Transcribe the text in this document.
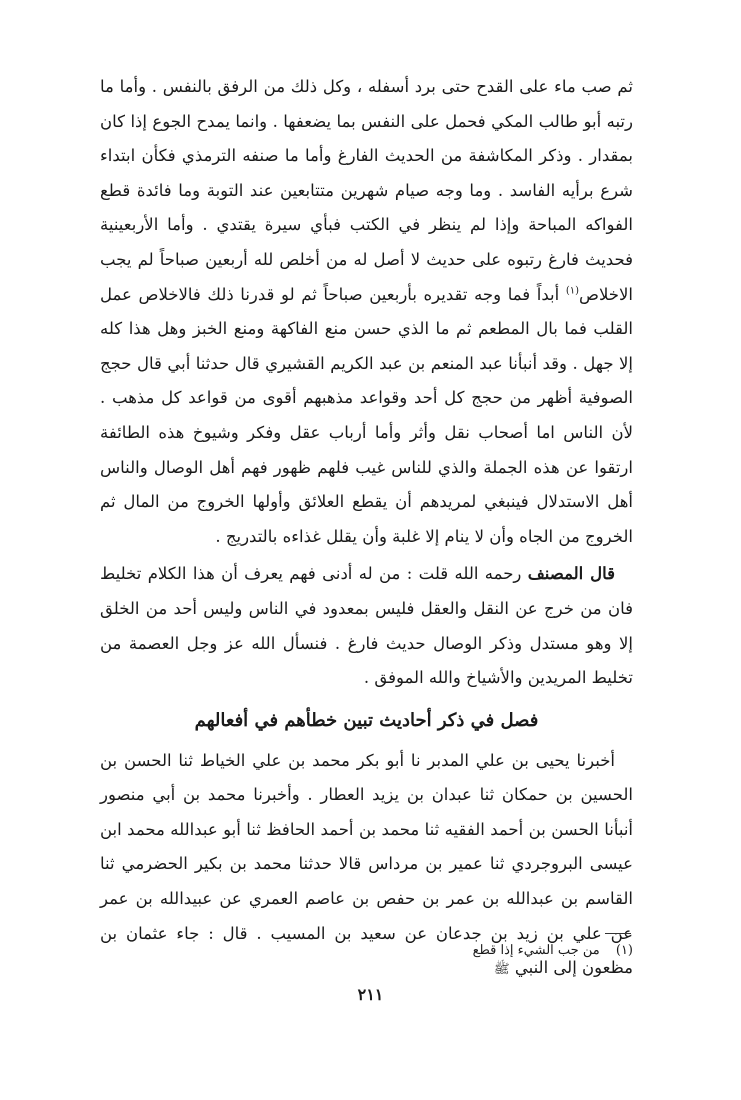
ثم صب ماء على القدح حتى برد أسفله ، وكل ذلك من الرفق بالنفس . وأما ما رتبه أبو طالب المكي فحمل على النفس بما يضعفها . وانما يمدح الجوع إذا كان بمقدار . وذكر المكاشفة من الحديث الفارغ وأما ما صنفه الترمذي فكأن ابتداء شرع برأيه الفاسد . وما وجه صيام شهرين متتابعين عند التوبة وما فائدة قطع الفواكه المباحة وإذا لم ينظر في الكتب فبأي سيرة يقتدي . وأما الأربعينية فحديث فارغ رتبوه على حديث لا أصل له من أخلص لله أربعين صباحاً لم يجب الاخلاص$^{(١)}$ أبداً فما وجه تقديره بأربعين صباحاً ثم لو قدرنا ذلك فالاخلاص عمل القلب فما بال المطعم ثم ما الذي حسن منع الفاكهة ومنع الخبز وهل هذا كله إلا جهل . وقد أنبأنا عبد المنعم بن عبد الكريم القشيري قال حدثنا أبي قال حجج الصوفية أظهر من حجج كل أحد وقواعد مذهبهم أقوى من قواعد كل مذهب . لأن الناس اما أصحاب نقل وأثر وأما أرباب عقل وفكر وشيوخ هذه الطائفة ارتقوا عن هذه الجملة والذي للناس غيب فلهم ظهور فهم أهل الوصال والناس أهل الاستدلال فينبغي لمريدهم أن يقطع العلائق وأولها الخروج من المال ثم الخروج من الجاه وأن لا ينام إلا غلبة وأن يقلل غذاءه بالتدريج .

قال المصنف رحمه الله قلت : من له أدنى فهم يعرف أن هذا الكلام تخليط فان من خرج عن النقل والعقل فليس بمعدود في الناس وليس أحد من الخلق إلا وهو مستدل وذكر الوصال حديث فارغ . فنسأل الله عز وجل العصمة من تخليط المريدين والأشياخ والله الموفق .

فصل في ذكر أحاديث تبين خطأهم في أفعالهم

أخبرنا يحيى بن علي المدبر نا أبو بكر محمد بن علي الخياط ثنا الحسن بن الحسين بن حمكان ثنا عبدان بن يزيد العطار . وأخبرنا محمد بن أبي منصور أنبأنا الحسن بن أحمد الفقيه ثنا محمد بن أحمد الحافظ ثنا أبو عبدالله محمد ابن عيسى البروجردي ثنا عمير بن مرداس قالا حدثنا محمد بن بكير الحضرمي ثنا القاسم بن عبدالله بن عمر بن حفص بن عاصم العمري عن عبيدالله بن عمر عن علي بن زيد بن جدعان عن سعيد بن المسيب . قال : جاء عثمان بن مظعون إلى النبي ﷺ

(١) من جب الشيء إذا قطع
٢١١
